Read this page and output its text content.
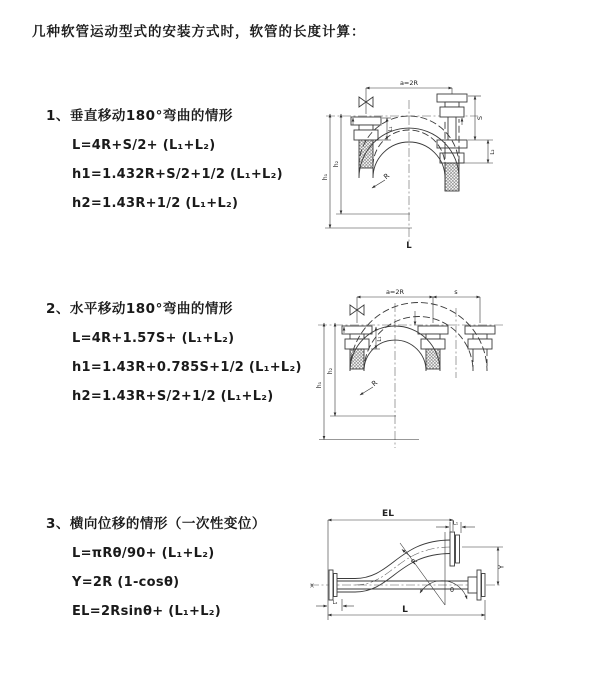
几种软管运动型式的安装方式时，软管的长度计算：
1、垂直移动180°弯曲的情形
L=4R+S/2+ (L₁+L₂)
h1=1.432R+S/2+1/2 (L₁+L₂)
h2=1.43R+1/2 (L₁+L₂)
a=2R
h₁
h₂
L₁
S
L₂
R
L
2、水平移动180°弯曲的情形
L=4R+1.57S+ (L₁+L₂)
h1=1.43R+0.785S+1/2 (L₁+L₂)
h2=1.43R+S/2+1/2 (L₁+L₂)
a=2R	s
h₁
h₂
L₁
R
3、横向位移的情形（一次性变位）
L=πRθ/90+ (L₁+L₂)
Y=2R (1-cosθ)
EL=2Rsinθ+ (L₁+L₂)
EL
L₁
X
Y
θ
R
L₂
L
